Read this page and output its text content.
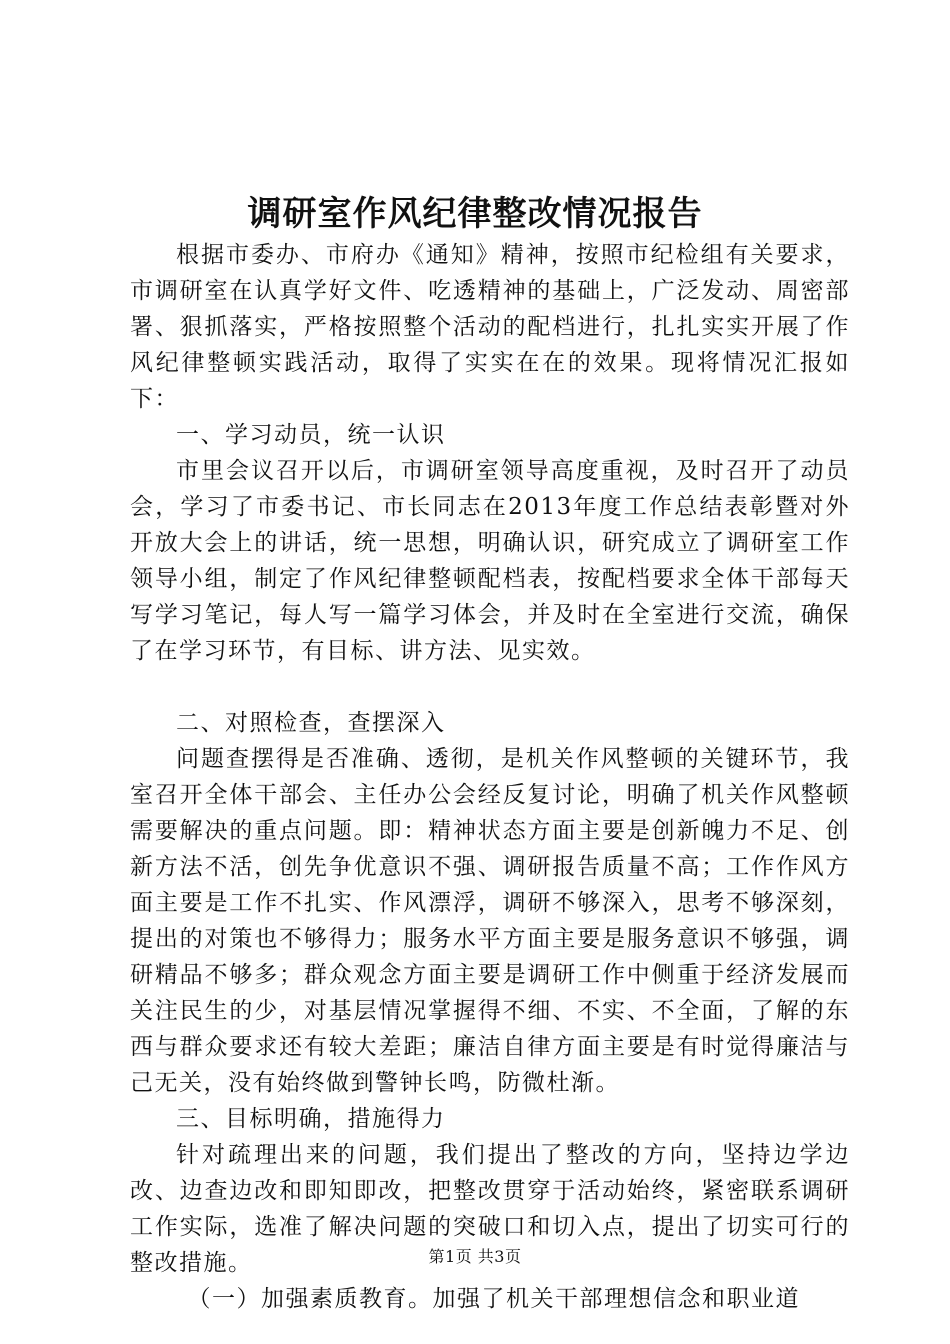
调研室作风纪律整改情况报告

根据市委办、市府办《通知》精神，按照市纪检组有关要求，市调研室在认真学好文件、吃透精神的基础上，广泛发动、周密部署、狠抓落实，严格按照整个活动的配档进行，扎扎实实开展了作风纪律整顿实践活动，取得了实实在在的效果。现将情况汇报如下：

一、学习动员，统一认识

市里会议召开以后，市调研室领导高度重视，及时召开了动员会，学习了市委书记、市长同志在2013年度工作总结表彰暨对外开放大会上的讲话，统一思想，明确认识，研究成立了调研室工作领导小组，制定了作风纪律整顿配档表，按配档要求全体干部每天写学习笔记，每人写一篇学习体会，并及时在全室进行交流，确保了在学习环节，有目标、讲方法、见实效。

二、对照检查，查摆深入

问题查摆得是否准确、透彻，是机关作风整顿的关键环节，我室召开全体干部会、主任办公会经反复讨论，明确了机关作风整顿需要解决的重点问题。即：精神状态方面主要是创新魄力不足、创新方法不活，创先争优意识不强、调研报告质量不高；工作作风方面主要是工作不扎实、作风漂浮，调研不够深入，思考不够深刻，提出的对策也不够得力；服务水平方面主要是服务意识不够强，调研精品不够多；群众观念方面主要是调研工作中侧重于经济发展而关注民生的少，对基层情况掌握得不细、不实、不全面，了解的东西与群众要求还有较大差距；廉洁自律方面主要是有时觉得廉洁与己无关，没有始终做到警钟长鸣，防微杜渐。

三、目标明确，措施得力

针对疏理出来的问题，我们提出了整改的方向，坚持边学边改、边查边改和即知即改，把整改贯穿于活动始终，紧密联系调研工作实际，选准了解决问题的突破口和切入点，提出了切实可行的整改措施。

（一）加强素质教育。加强了机关干部理想信念和职业道

第1页 共3页
